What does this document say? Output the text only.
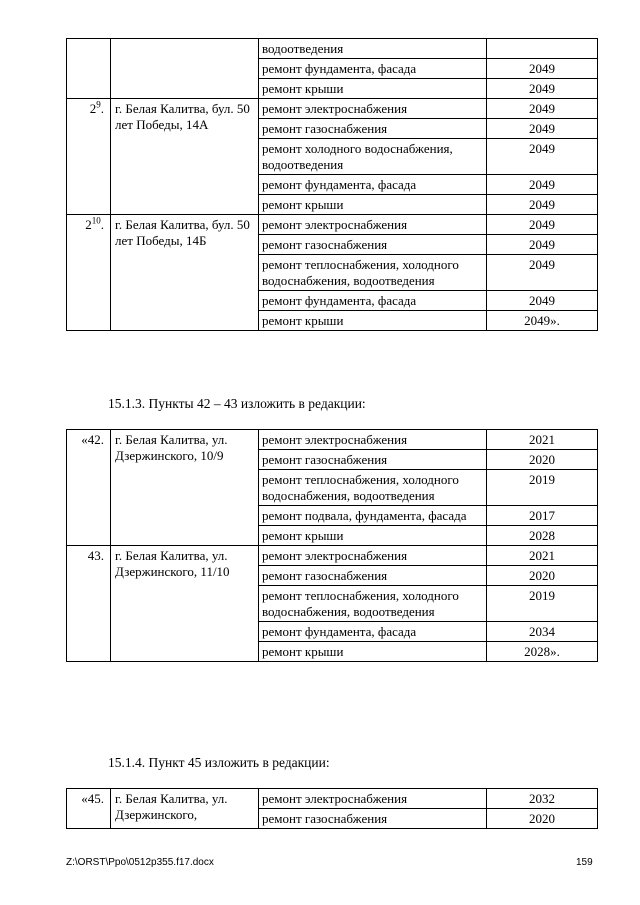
		водоотведения	
		ремонт фундамента, фасада	2049
		ремонт крыши	2049
$2^9$.	г. Белая Калитва, бул. 50 лет Победы, 14А	ремонт электроснабжения	2049
		ремонт газоснабжения	2049
		ремонт холодного водоснабжения, водоотведения	2049
		ремонт фундамента, фасада	2049
		ремонт крыши	2049
$2^{10}$.	г. Белая Калитва, бул. 50 лет Победы, 14Б	ремонт электроснабжения	2049
		ремонт газоснабжения	2049
		ремонт теплоснабжения, холодного водоснабжения, водоотведения	2049
		ремонт фундамента, фасада	2049
		ремонт крыши	2049».

15.1.3. Пункты 42 – 43 изложить в редакции:

«42.	г. Белая Калитва, ул. Дзержинского, 10/9	ремонт электроснабжения	2021
		ремонт газоснабжения	2020
		ремонт теплоснабжения, холодного водоснабжения, водоотведения	2019
		ремонт подвала, фундамента, фасада	2017
		ремонт крыши	2028
43.	г. Белая Калитва, ул. Дзержинского, 11/10	ремонт электроснабжения	2021
		ремонт газоснабжения	2020
		ремонт теплоснабжения, холодного водоснабжения, водоотведения	2019
		ремонт фундамента, фасада	2034
		ремонт крыши	2028».

15.1.4. Пункт 45 изложить в редакции:

«45.	г. Белая Калитва, ул. Дзержинского,	ремонт электроснабжения	2032
		ремонт газоснабжения	2020
Z:\ORST\Ppo\0512p355.f17.docx	159
